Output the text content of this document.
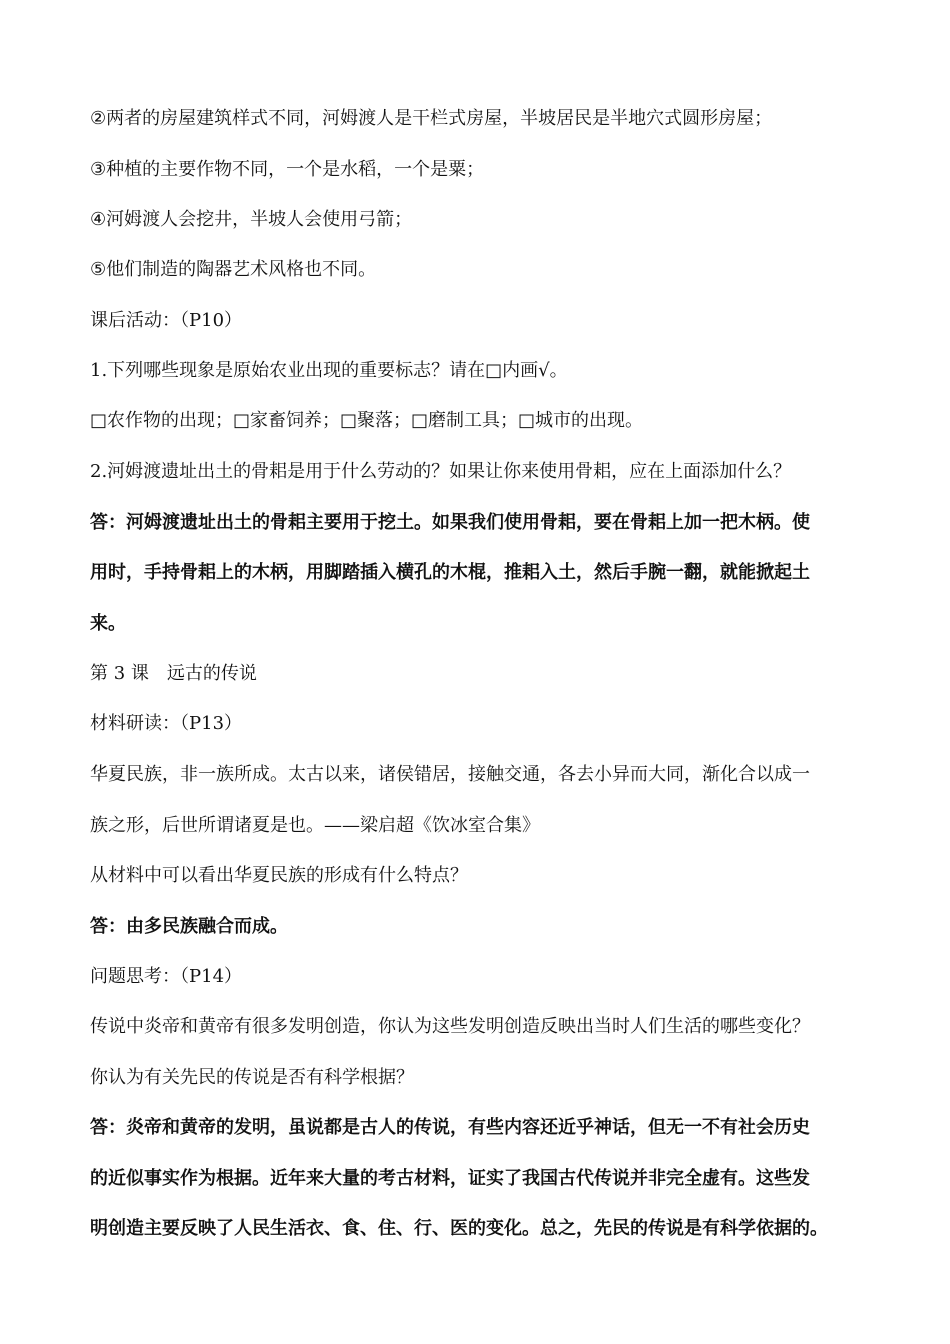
②两者的房屋建筑样式不同，河姆渡人是干栏式房屋，半坡居民是半地穴式圆形房屋；
③种植的主要作物不同，一个是水稻，一个是粟；
④河姆渡人会挖井，半坡人会使用弓箭；
⑤他们制造的陶器艺术风格也不同。
课后活动：（P10）
1.下列哪些现象是原始农业出现的重要标志？请在□内画√。
□农作物的出现；□家畜饲养；□聚落；□磨制工具；□城市的出现。
2.河姆渡遗址出土的骨耜是用于什么劳动的？如果让你来使用骨耜，应在上面添加什么？
答：河姆渡遗址出土的骨耜主要用于挖土。如果我们使用骨耜，要在骨耜上加一把木柄。使
用时，手持骨耜上的木柄，用脚踏插入横孔的木棍，推耜入土，然后手腕一翻，就能掀起土
来。
第 3 课　远古的传说
材料研读：（P13）
华夏民族，非一族所成。太古以来，诸侯错居，接触交通，各去小异而大同，渐化合以成一
族之形，后世所谓诸夏是也。——梁启超《饮冰室合集》
从材料中可以看出华夏民族的形成有什么特点？
答：由多民族融合而成。
问题思考：（P14）
传说中炎帝和黄帝有很多发明创造，你认为这些发明创造反映出当时人们生活的哪些变化？
你认为有关先民的传说是否有科学根据？
答：炎帝和黄帝的发明，虽说都是古人的传说，有些内容还近乎神话，但无一不有社会历史
的近似事实作为根据。近年来大量的考古材料，证实了我国古代传说并非完全虚有。这些发
明创造主要反映了人民生活衣、食、住、行、医的变化。总之，先民的传说是有科学依据的。
